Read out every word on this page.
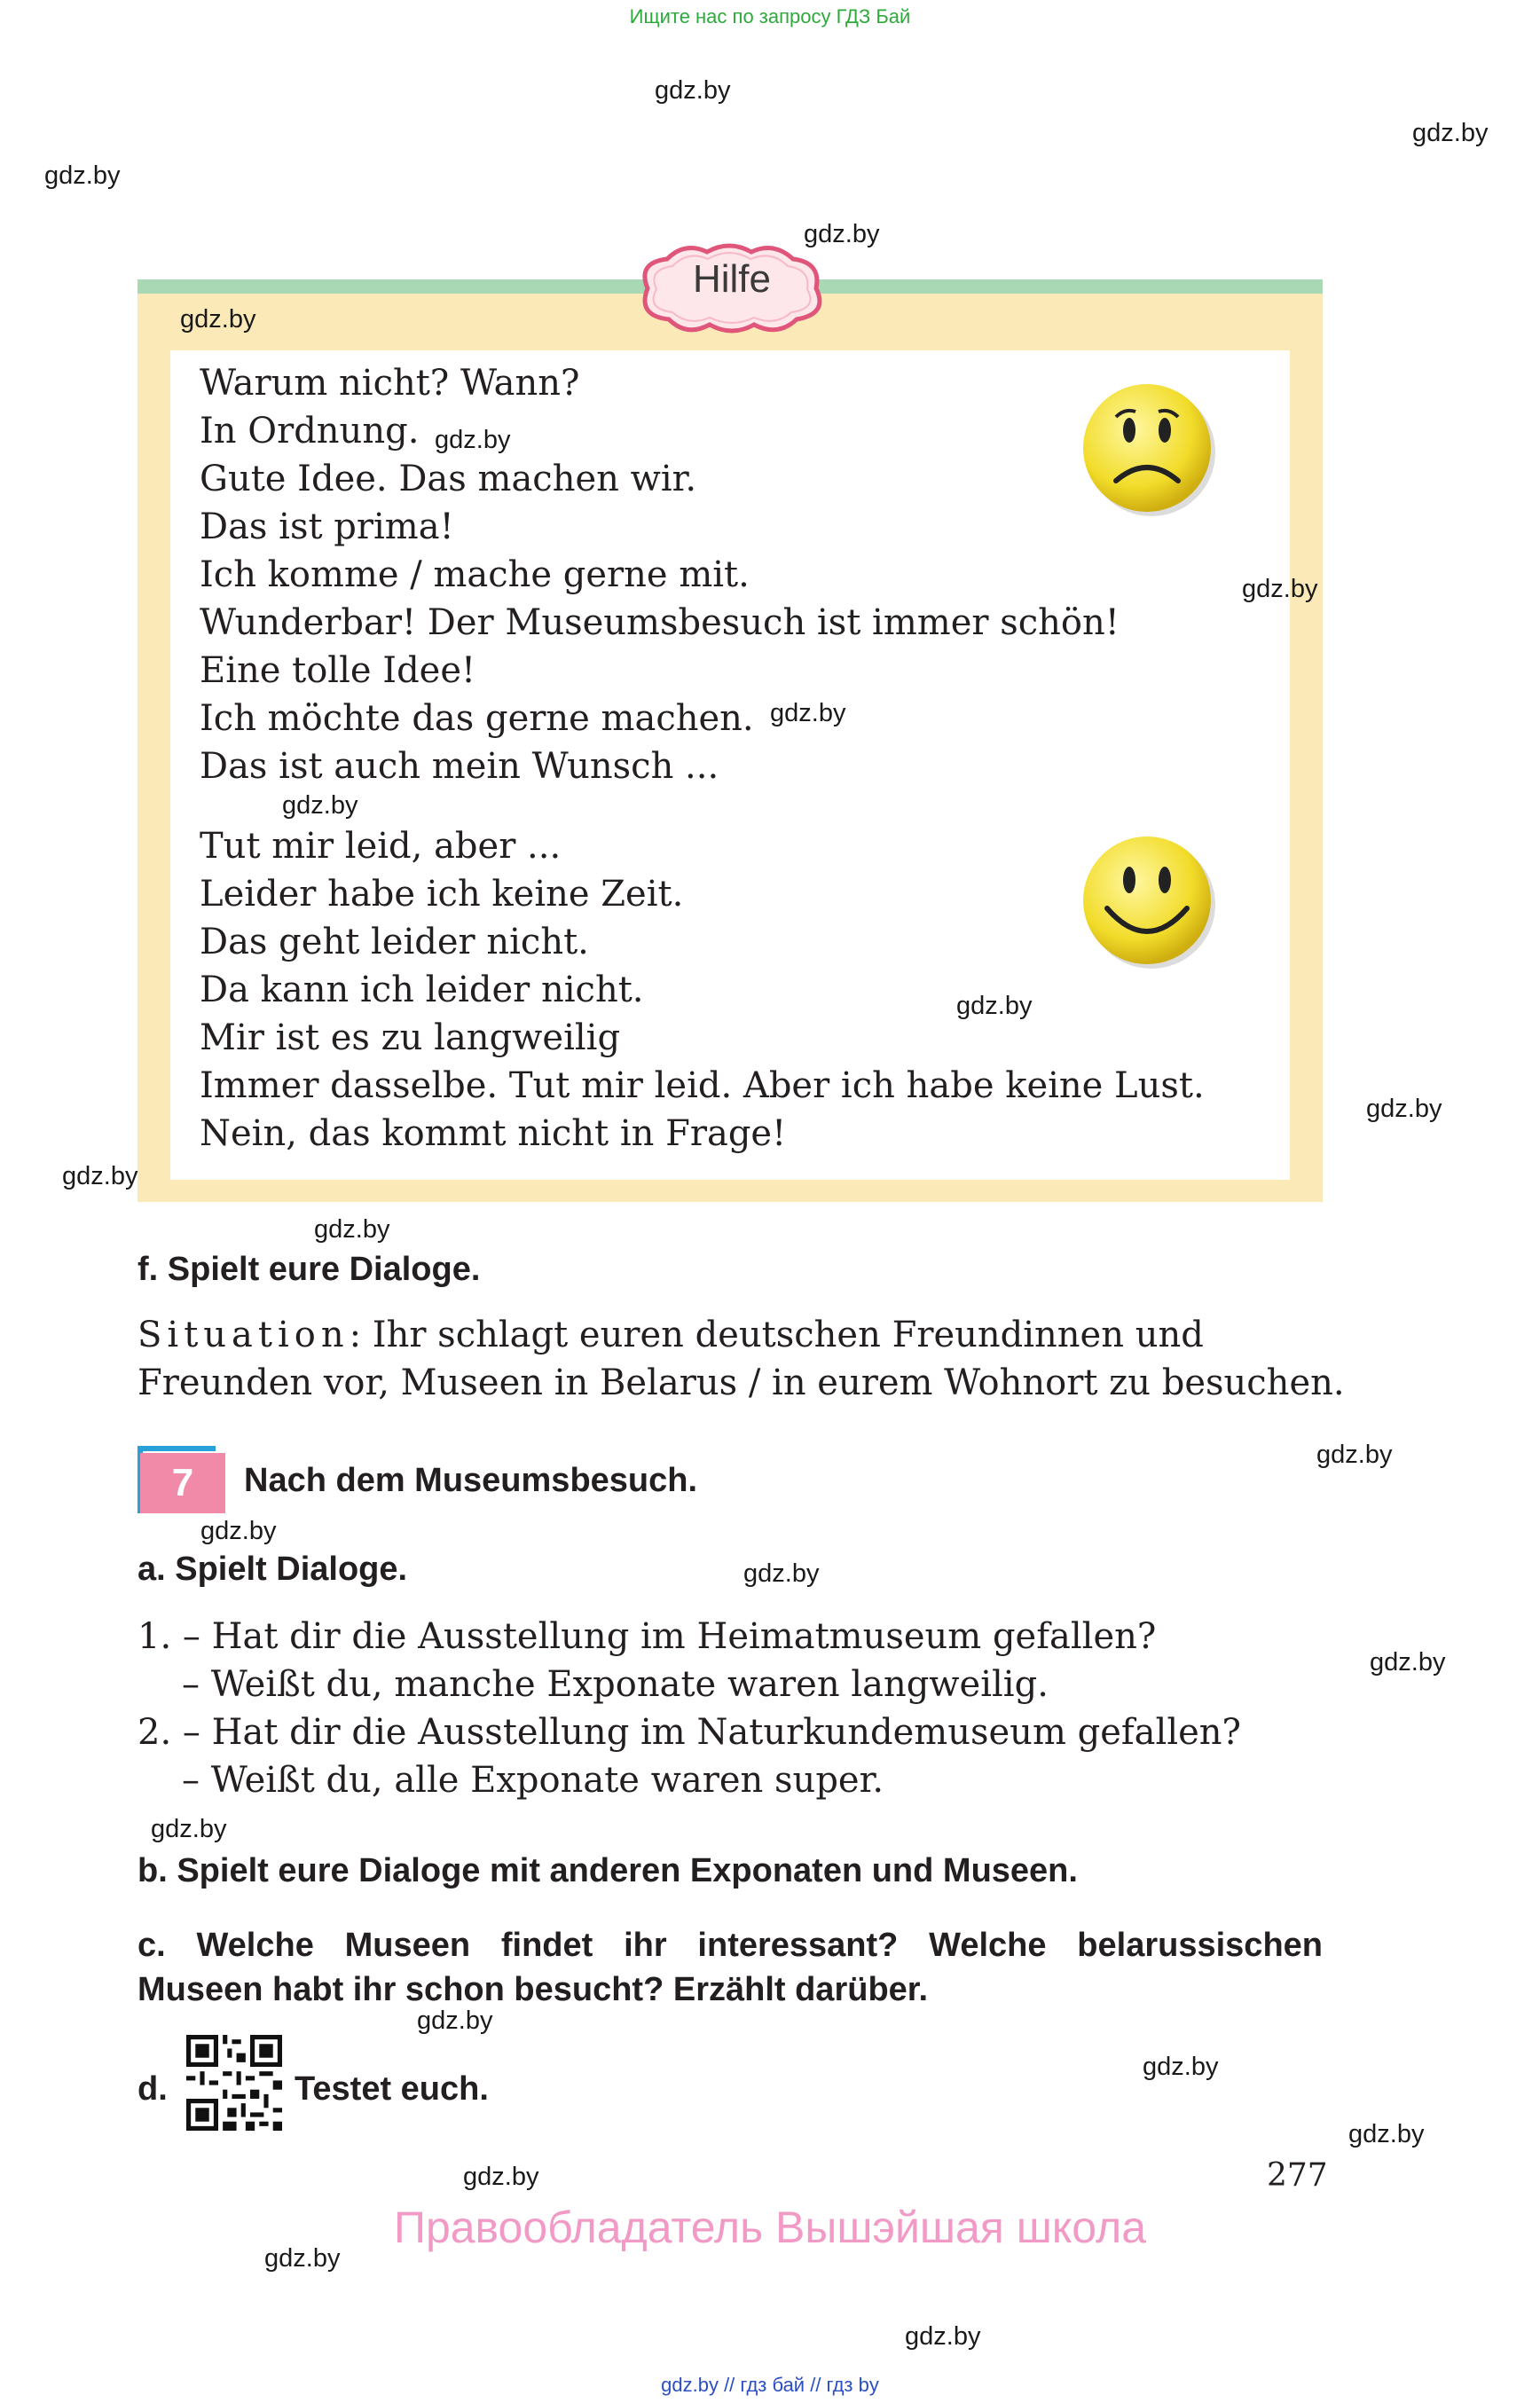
Ищите нас по запросу ГДЗ Бай
Hilfe
Warum nicht? Wann?
In Ordnung.
Gute Idee. Das machen wir.
Das ist prima!
Ich komme / mache gerne mit.
Wunderbar! Der Museumsbesuch ist immer schön!
Eine tolle Idee!
Ich möchte das gerne machen.
Das ist auch mein Wunsch ...
Tut mir leid, aber ...
Leider habe ich keine Zeit.
Das geht leider nicht.
Da kann ich leider nicht.
Mir ist es zu langweilig
Immer dasselbe. Tut mir leid. Aber ich habe keine Lust.
Nein, das kommt nicht in Frage!
f. Spielt eure Dialoge.
Situation: Ihr schlagt euren deutschen Freundinnen und
Freunden vor, Museen in Belarus / in eurem Wohnort zu besuchen.
7	Nach dem Museumsbesuch.
a. Spielt Dialoge.
1. – Hat dir die Ausstellung im Heimatmuseum gefallen?
– Weißt du, manche Exponate waren langweilig.
2. – Hat dir die Ausstellung im Naturkundemuseum gefallen?
– Weißt du, alle Exponate waren super.
b. Spielt eure Dialoge mit anderen Exponaten und Museen.
c. Welche Museen findet ihr interessant? Welche belarussischen
Museen habt ihr schon besucht? Erzählt darüber.
d.	Testet euch.
277
Правообладатель Вышэйшая школа
gdz.by // гдз бай // гдз by
gdz.by
gdz.by
gdz.by
gdz.by
gdz.by
gdz.by
gdz.by
gdz.by
gdz.by
gdz.by
gdz.by
gdz.by
gdz.by
gdz.by
gdz.by
gdz.by
gdz.by
gdz.by
gdz.by
gdz.by
gdz.by
gdz.by
gdz.by
gdz.by
